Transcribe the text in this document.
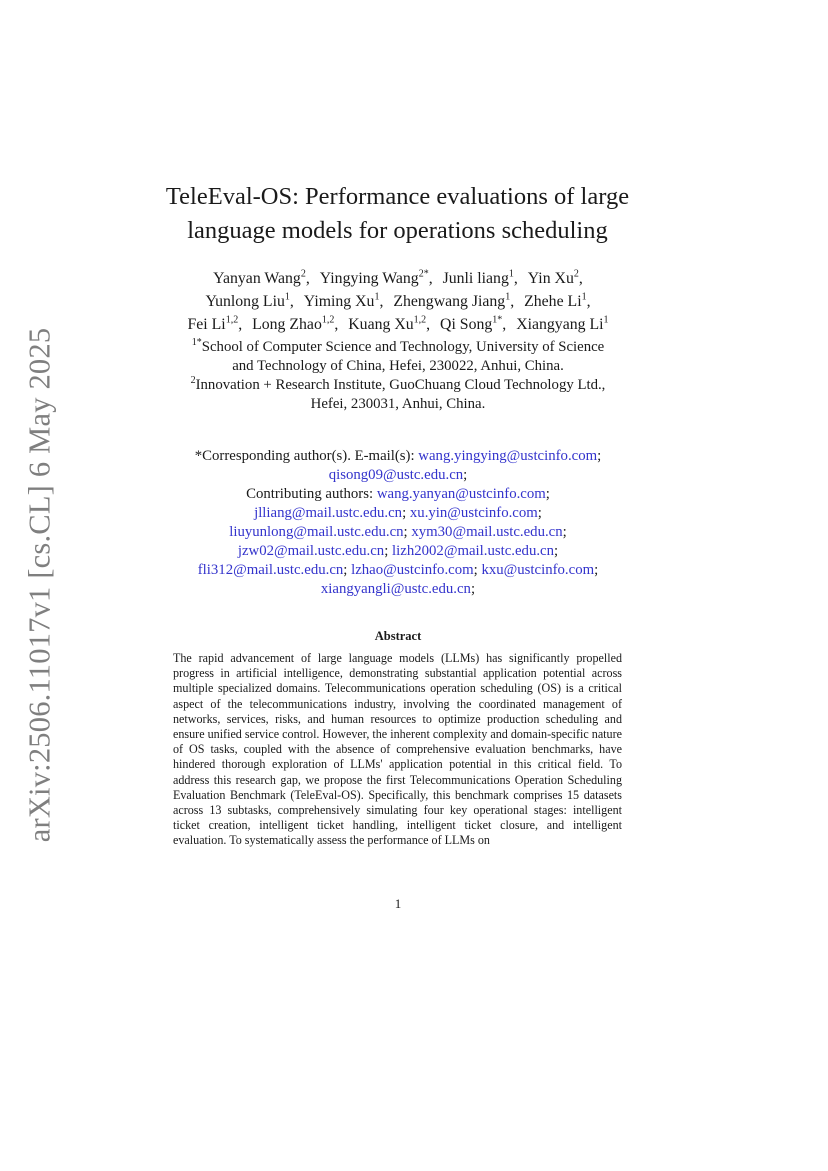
arXiv:2506.11017v1 [cs.CL] 6 May 2025
TeleEval-OS: Performance evaluations of large
language models for operations scheduling
Yanyan Wang$^2$, Yingying Wang$^{2*}$, Junli liang$^1$, Yin Xu$^2$,
Yunlong Liu$^1$, Yiming Xu$^1$, Zhengwang Jiang$^1$, Zhehe Li$^1$,
Fei Li$^{1,2}$, Long Zhao$^{1,2}$, Kuang Xu$^{1,2}$, Qi Song$^{1*}$, Xiangyang Li$^1$
$^{1*}$School of Computer Science and Technology, University of Science
and Technology of China, Hefei, 230022, Anhui, China.
$^2$Innovation + Research Institute, GuoChuang Cloud Technology Ltd.,
Hefei, 230031, Anhui, China.
*Corresponding author(s). E-mail(s): wang.yingying@ustcinfo.com;
qisong09@ustc.edu.cn;
Contributing authors: wang.yanyan@ustcinfo.com;
jlliang@mail.ustc.edu.cn; xu.yin@ustcinfo.com;
liuyunlong@mail.ustc.edu.cn; xym30@mail.ustc.edu.cn;
jzw02@mail.ustc.edu.cn; lizh2002@mail.ustc.edu.cn;
fli312@mail.ustc.edu.cn; lzhao@ustcinfo.com; kxu@ustcinfo.com;
xiangyangli@ustc.edu.cn;
Abstract
The rapid advancement of large language models (LLMs) has significantly propelled progress in artificial intelligence, demonstrating substantial application potential across multiple specialized domains. Telecommunications operation scheduling (OS) is a critical aspect of the telecommunications industry, involving the coordinated management of networks, services, risks, and human resources to optimize production scheduling and ensure unified service control. However, the inherent complexity and domain-specific nature of OS tasks, coupled with the absence of comprehensive evaluation benchmarks, have hindered thorough exploration of LLMs' application potential in this critical field. To address this research gap, we propose the first Telecommunications Operation Scheduling Evaluation Benchmark (TeleEval-OS). Specifically, this benchmark comprises 15 datasets across 13 subtasks, comprehensively simulating four key operational stages: intelligent ticket creation, intelligent ticket handling, intelligent ticket closure, and intelligent evaluation. To systematically assess the performance of LLMs on
1
